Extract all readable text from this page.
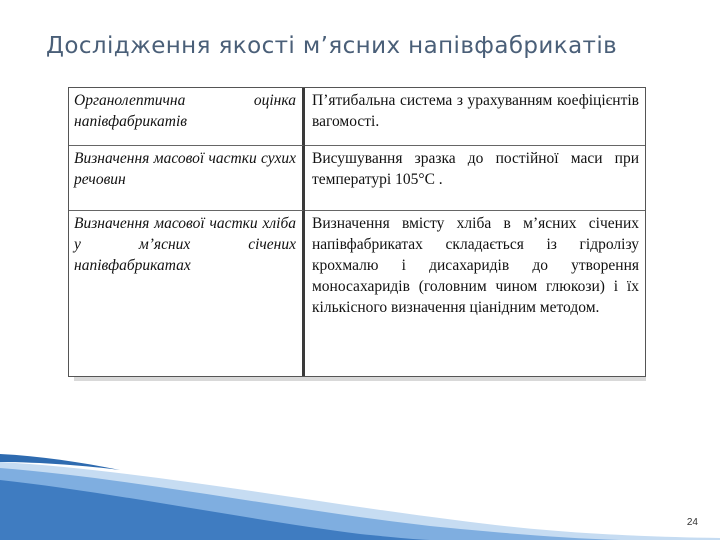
Дослідження якості м’ясних напівфабрикатів
Органолептична оцінка напівфабрикатів
П’ятибальна система з урахуванням коефіцієнтів вагомості.
Визначення масової частки сухих речовин
Висушування зразка до постійної маси при температурі 105°С .
Визначення масової частки хліба у м’ясних січених напівфабрикатах
Визначення вмісту хліба в м’ясних січених напівфабрикатах складається із гідролізу крохмалю і дисахаридів до утворення моносахаридів (головним чином глюкози) і їх кількісного визначення ціанідним методом.
24
